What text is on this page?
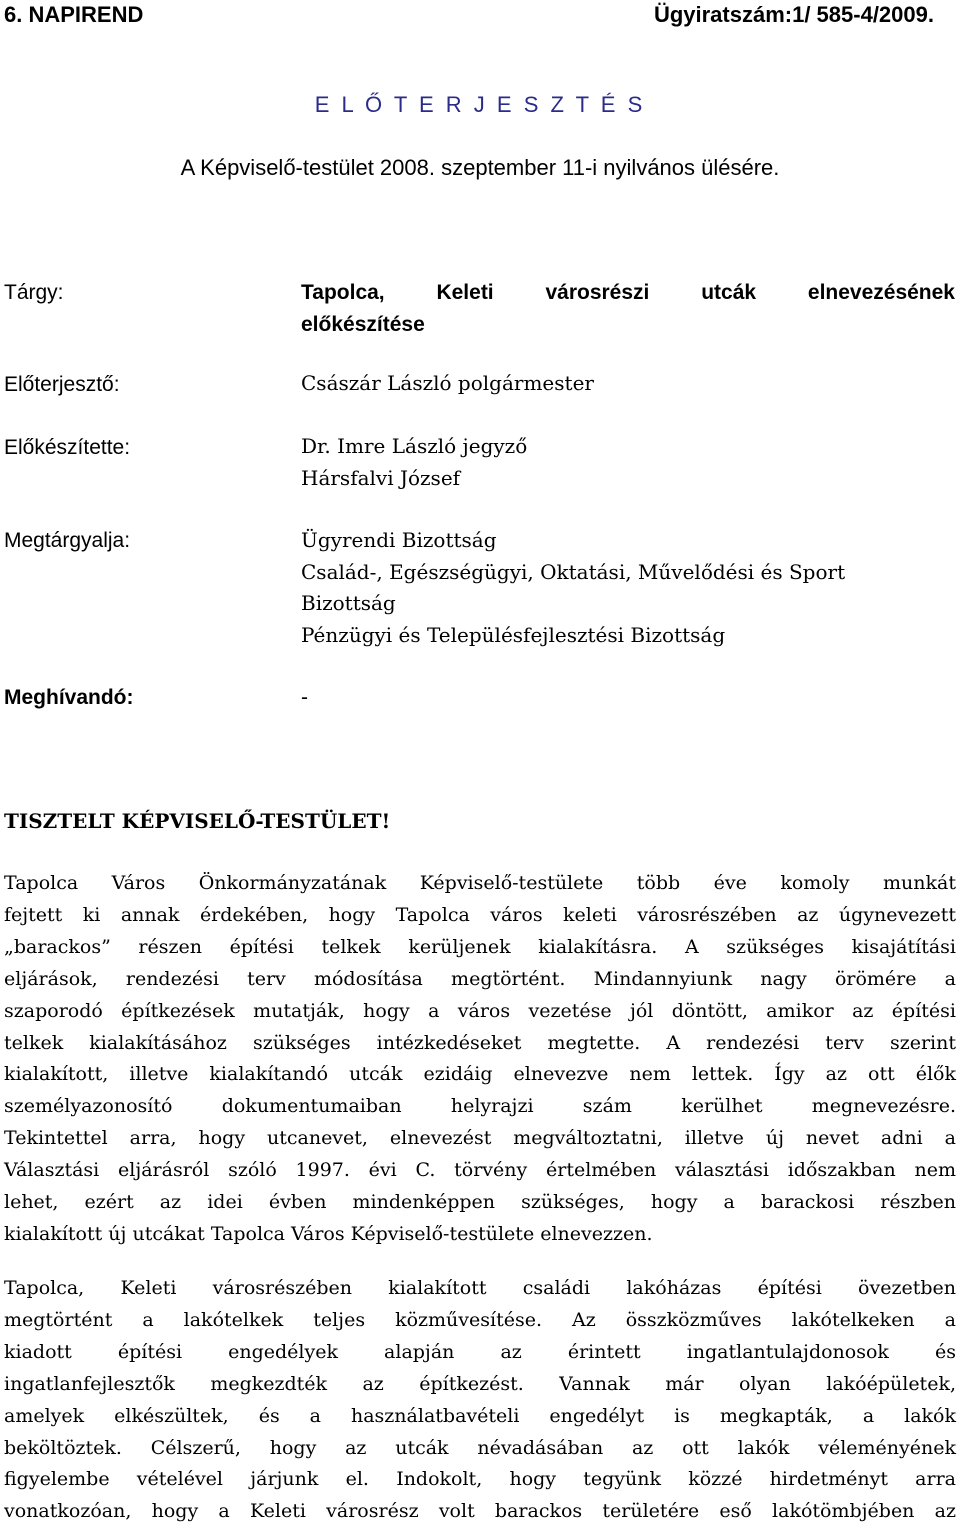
6. NAPIREND	Ügyiratszám:1/ 585-4/2009.
E L Ő T E R J E S Z T É S
A Képviselő-testület 2008. szeptember 11-i nyilvános ülésére.
Tárgy:	Tapolca, Keleti városrészi utcák elnevezésének
előkészítése
Előterjesztő:	Császár László polgármester
Előkészítette:	Dr. Imre László jegyző
Hársfalvi József
Megtárgyalja:	Ügyrendi Bizottság
Család-, Egészségügyi, Oktatási, Művelődési és Sport
Bizottság
Pénzügyi és Településfejlesztési Bizottság
Meghívandó:	-
TISZTELT KÉPVISELŐ-TESTÜLET!
Tapolca Város Önkormányzatának Képviselő-testülete több éve komoly munkát
fejtett ki annak érdekében, hogy Tapolca város keleti városrészében az úgynevezett
„barackos” részen építési telkek kerüljenek kialakításra. A szükséges kisajátítási
eljárások, rendezési terv módosítása megtörtént. Mindannyiunk nagy örömére a
szaporodó építkezések mutatják, hogy a város vezetése jól döntött, amikor az építési
telkek kialakításához szükséges intézkedéseket megtette. A rendezési terv szerint
kialakított, illetve kialakítandó utcák ezidáig elnevezve nem lettek. Így az ott élők
személyazonosító dokumentumaiban helyrajzi szám kerülhet megnevezésre.
Tekintettel arra, hogy utcanevet, elnevezést megváltoztatni, illetve új nevet adni a
Választási eljárásról szóló 1997. évi C. törvény értelmében választási időszakban nem
lehet, ezért az idei évben mindenképpen szükséges, hogy a barackosi részben
kialakított új utcákat Tapolca Város Képviselő-testülete elnevezzen.
Tapolca, Keleti városrészében kialakított családi lakóházas építési övezetben
megtörtént a lakótelkek teljes közművesítése. Az összközműves lakótelkeken a
kiadott építési engedélyek alapján az érintett ingatlantulajdonosok és
ingatlanfejlesztők megkezdték az építkezést. Vannak már olyan lakóépületek,
amelyek elkészültek, és a használatbavételi engedélyt is megkapták, a lakók
beköltöztek. Célszerű, hogy az utcák névadásában az ott lakók véleményének
figyelembe vételével járjunk el. Indokolt, hogy tegyünk közzé hirdetményt arra
vonatkozóan, hogy a Keleti városrész volt barackos területére eső lakótömbjében az
